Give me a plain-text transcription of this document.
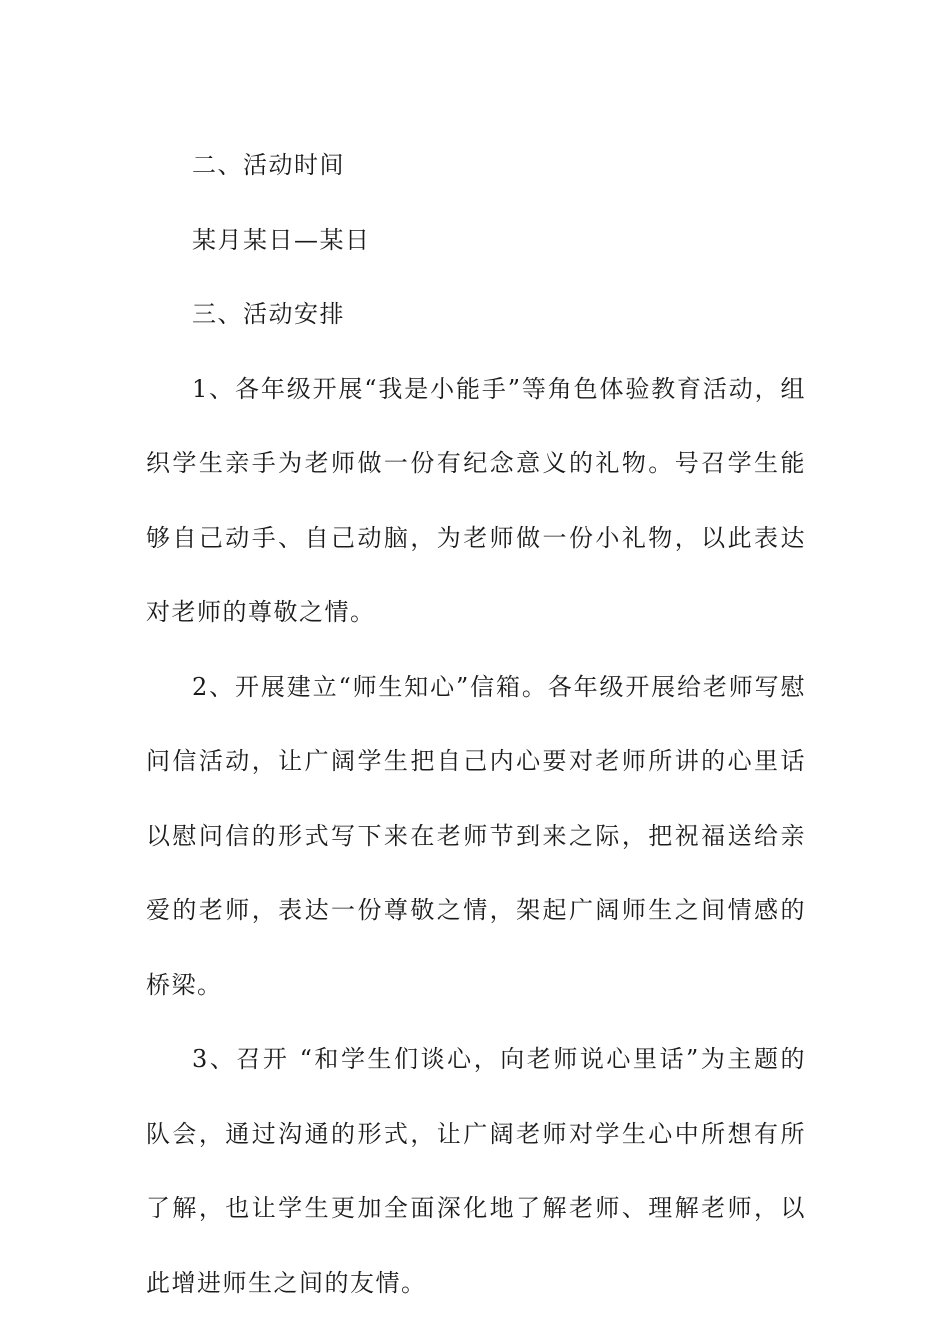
二、活动时间

某月某日—某日

三、活动安排

1、各年级开展“我是小能手”等角色体验教育活动，组织学生亲手为老师做一份有纪念意义的礼物。号召学生能够自己动手、自己动脑，为老师做一份小礼物，以此表达对老师的尊敬之情。

2、开展建立“师生知心”信箱。各年级开展给老师写慰问信活动，让广阔学生把自己内心要对老师所讲的心里话以慰问信的形式写下来在老师节到来之际，把祝福送给亲爱的老师，表达一份尊敬之情，架起广阔师生之间情感的桥梁。

3、召开 “和学生们谈心，向老师说心里话”为主题的队会，通过沟通的形式，让广阔老师对学生心中所想有所了解，也让学生更加全面深化地了解老师、理解老师，以此增进师生之间的友情。
